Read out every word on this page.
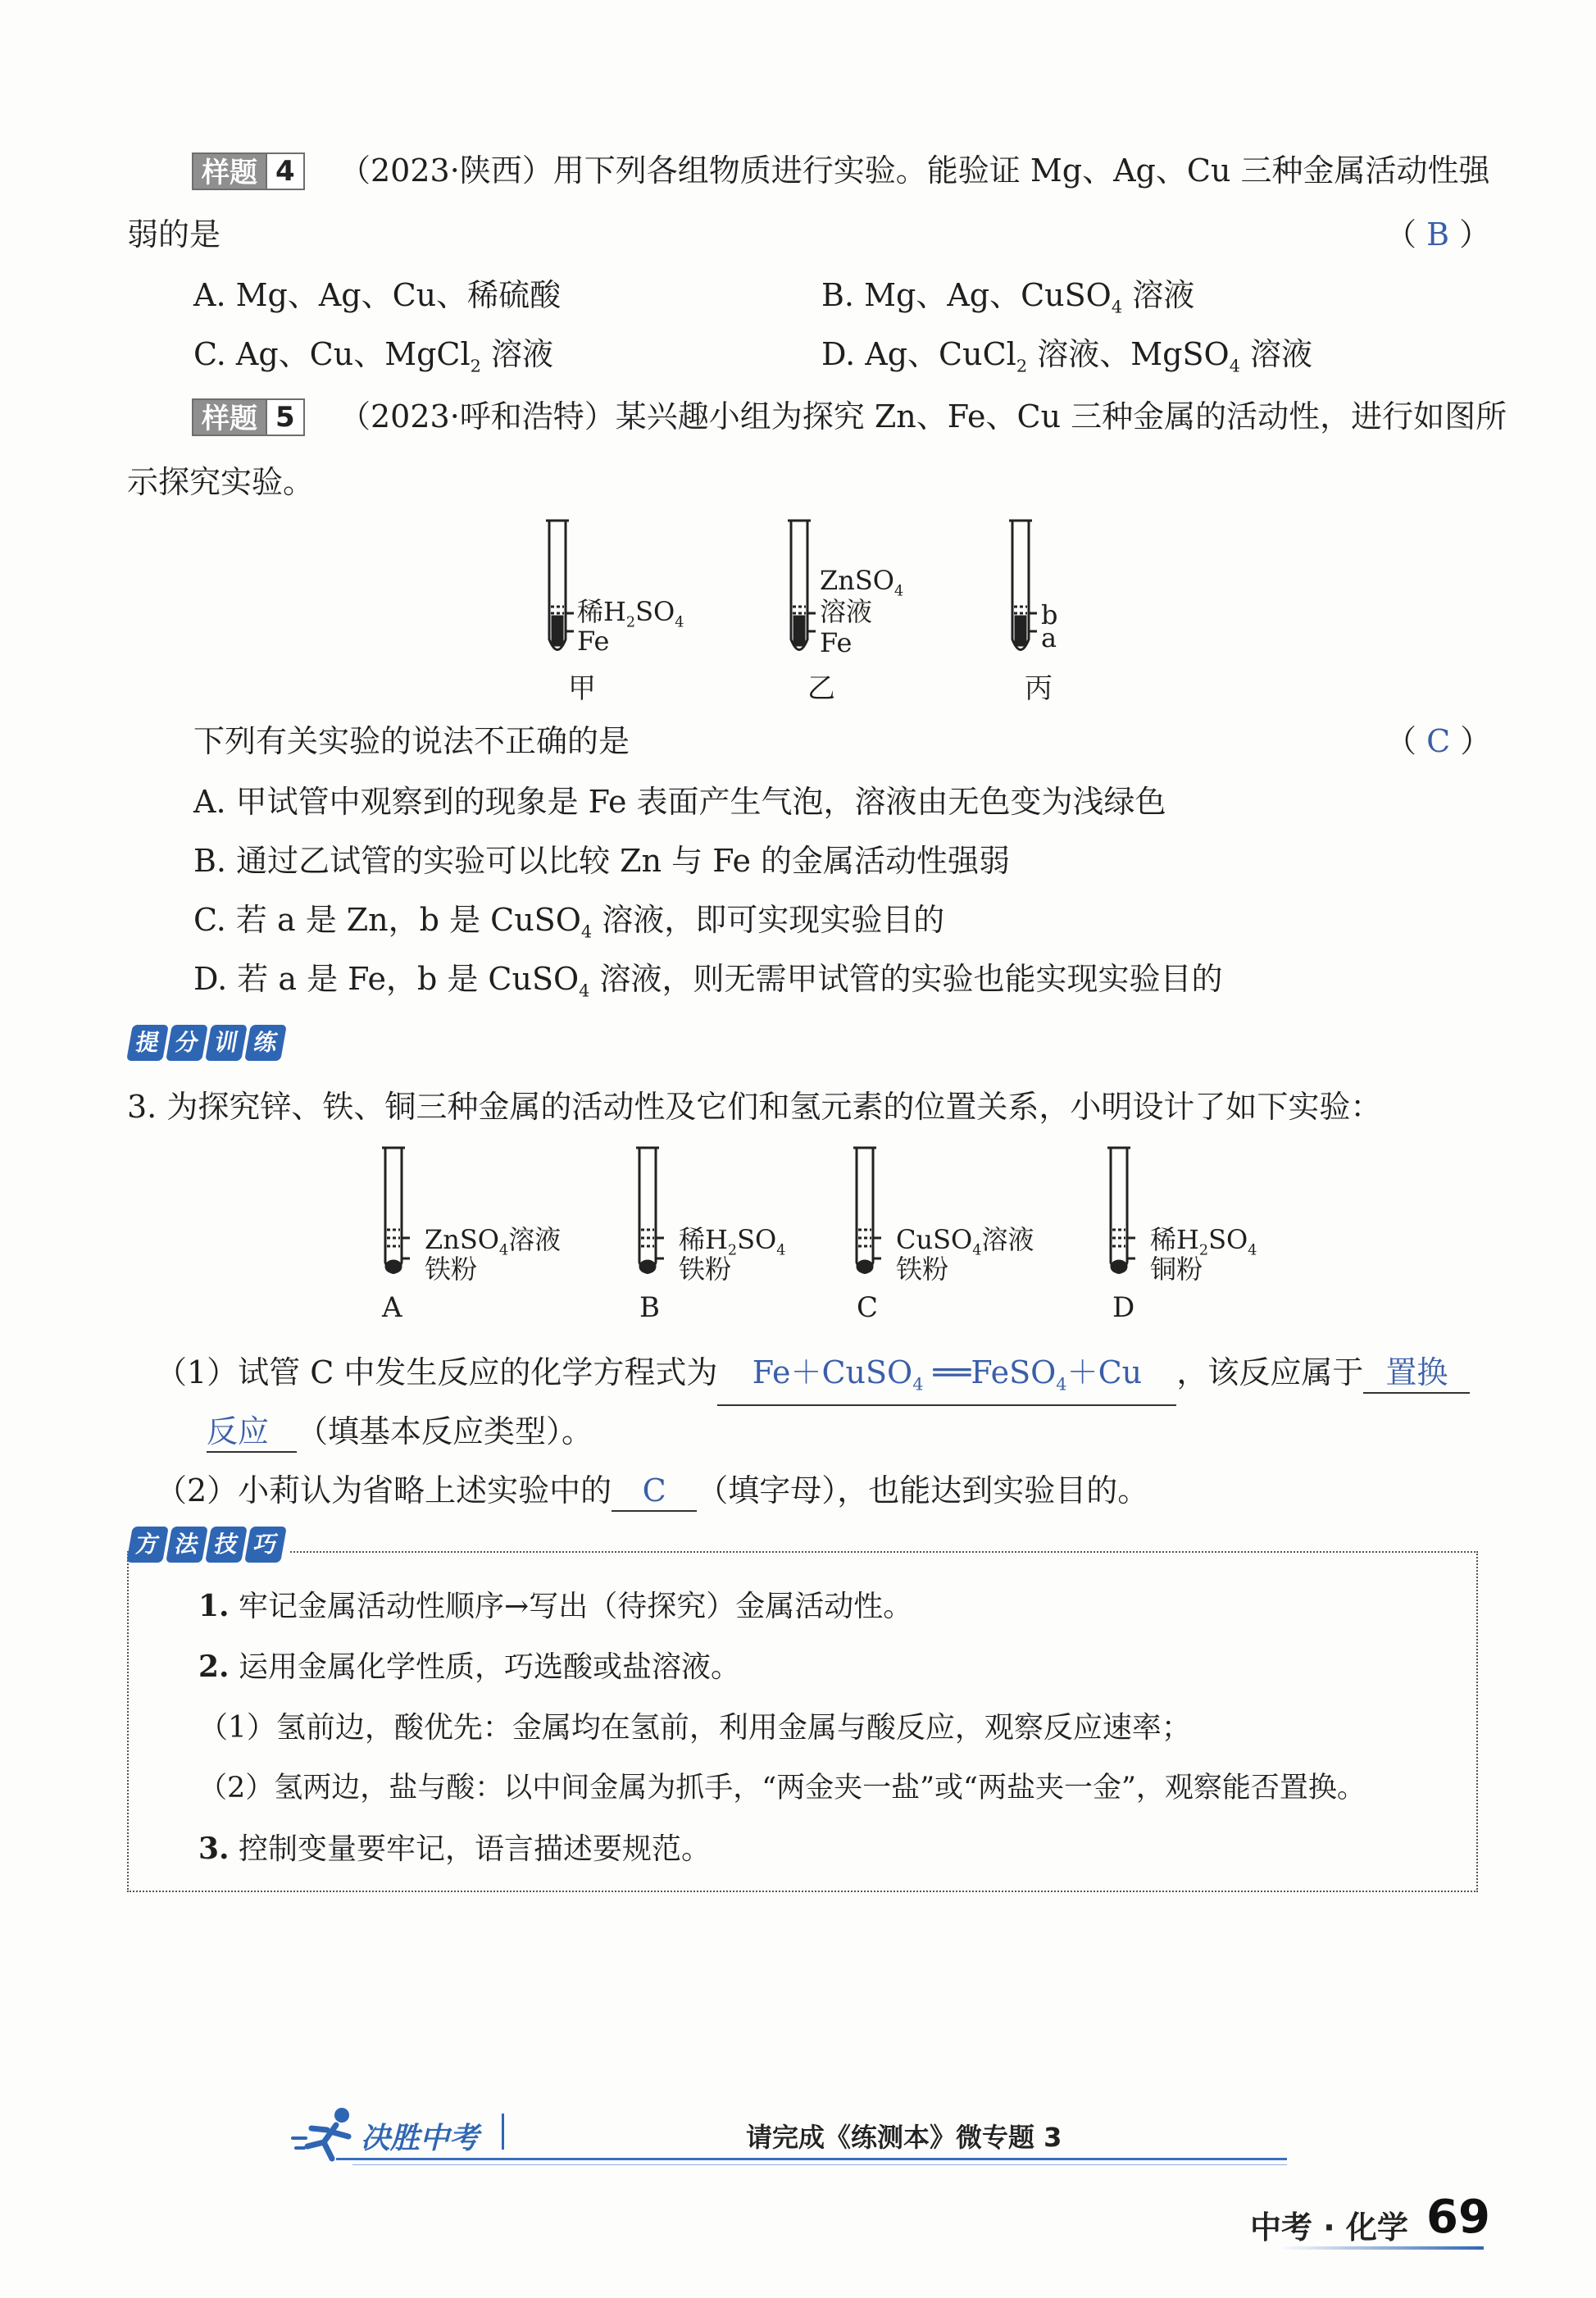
样题 4	（2023·陕西）用下列各组物质进行实验。能验证 Mg、Ag、Cu 三种金属活动性强
弱的是	（ B ）
A. Mg、Ag、Cu、稀硫酸	B. Mg、Ag、CuSO$_4$ 溶液
C. Ag、Cu、MgCl$_2$ 溶液	D. Ag、CuCl$_2$ 溶液、MgSO$_4$ 溶液
样题 5	（2023·呼和浩特）某兴趣小组为探究 Zn、Fe、Cu 三种金属的活动性，进行如图所
示探究实验。
稀$H_2SO_4$
Fe
甲
ZnSO$_4$
溶液
Fe
乙
b
a
丙
下列有关实验的说法不正确的是	（ C ）
A. 甲试管中观察到的现象是 Fe 表面产生气泡，溶液由无色变为浅绿色
B. 通过乙试管的实验可以比较 Zn 与 Fe 的金属活动性强弱
C. 若 a 是 Zn，b 是 CuSO$_4$ 溶液，即可实现实验目的
D. 若 a 是 Fe，b 是 CuSO$_4$ 溶液，则无需甲试管的实验也能实现实验目的
提 分 训 练
3. 为探究锌、铁、铜三种金属的活动性及它们和氢元素的位置关系，小明设计了如下实验：
ZnSO$_4$溶液
铁粉
A
稀$H_2SO_4$
铁粉
B
CuSO$_4$溶液
铁粉
C
稀$H_2SO_4$
铜粉
D
（1）试管 C 中发生反应的化学方程式为 Fe＋CuSO$_4$ ══FeSO$_4$＋Cu ，该反应属于 置换
反应 （填基本反应类型）。
（2）小莉认为省略上述实验中的 C （填字母），也能达到实验目的。
方 法 技 巧
1. 牢记金属活动性顺序→写出（待探究）金属活动性。
2. 运用金属化学性质，巧选酸或盐溶液。
（1）氢前边，酸优先：金属均在氢前，利用金属与酸反应，观察反应速率；
（2）氢两边，盐与酸：以中间金属为抓手，“两金夹一盐”或“两盐夹一金”，观察能否置换。
3. 控制变量要牢记，语言描述要规范。
决胜中考	请完成《练测本》微专题 3
中考 · 化学 69
